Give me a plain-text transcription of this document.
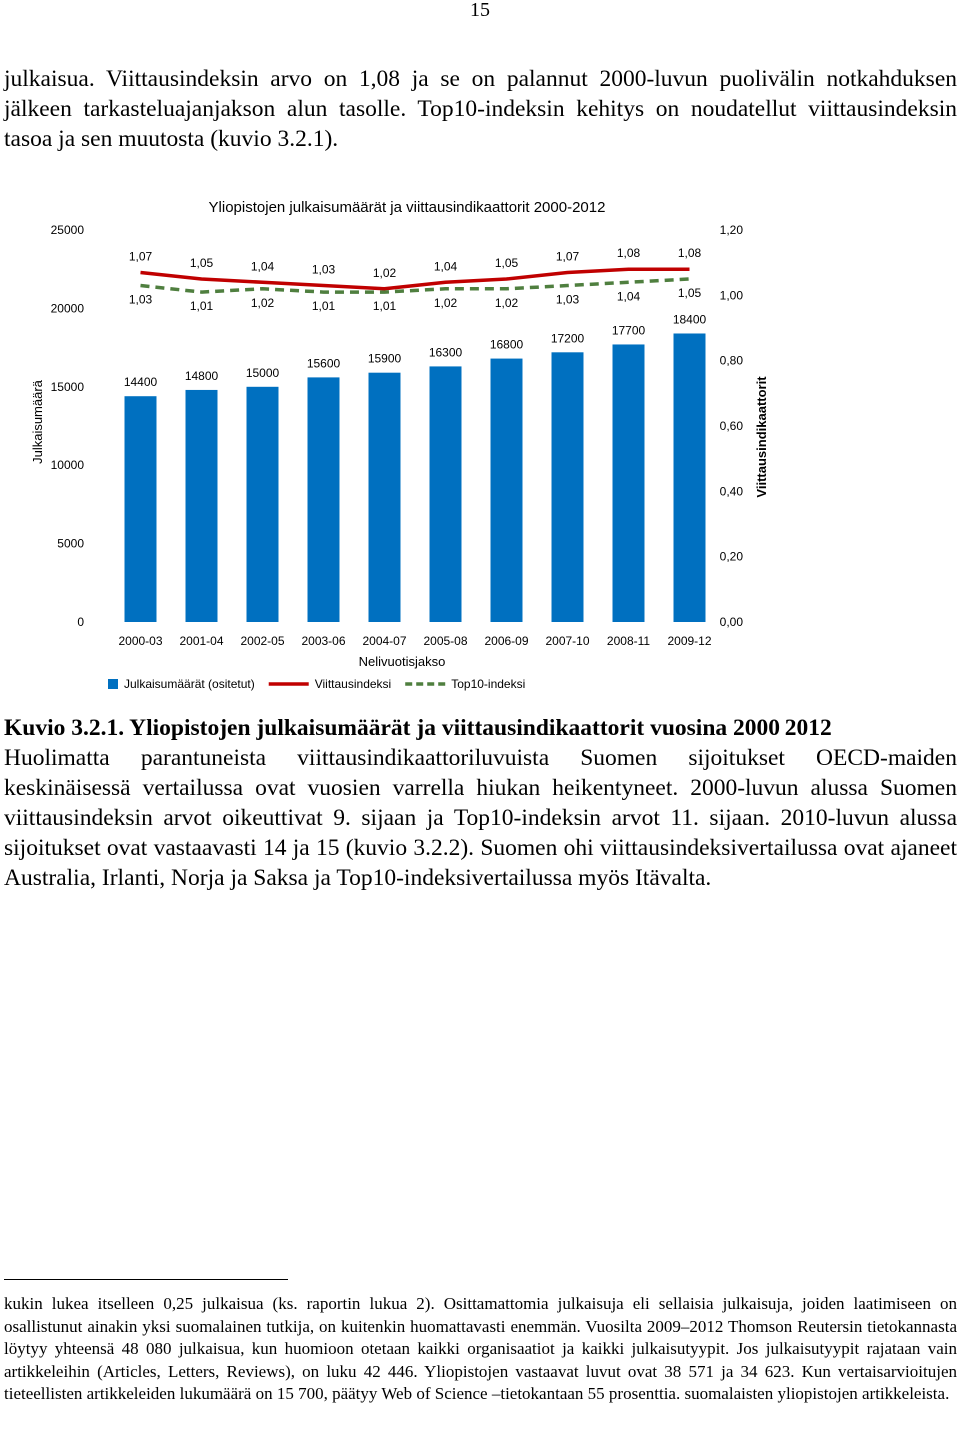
15

julkaisua. Viittausindeksin arvo on 1,08 ja se on palannut 2000-luvun puolivälin notkahduksen jälkeen tarkasteluajanjakson alun tasolle. Top10-indeksin kehitys on noudatellut viittausindeksin tasoa ja sen muutosta (kuvio 3.2.1).

Yliopistojen julkaisumäärät ja viittausindikaattorit 2000-2012
Julkaisumäärä	Viittausindikaattorit
Nelivuotisjakso
0
5000
10000
15000
20000
25000
0,00
0,20
0,40
0,60
0,80
1,00
1,20
14400 14800 15000
15600 15900 16300
16800 17200
17700
18400
2000-03 2001-04 2002-05 2003-06 2004-07 2005-08 2006-09 2007-10 2008-11 2009-12
1,07	1,05	1,04	1,03	1,02	1,04	1,05	1,07	1,08	1,08
1,03	1,01	1,02	1,01	1,01	1,02	1,02	1,03	1,04	1,05
Julkaisumäärät (ositetut)	Viittausindeksi	Top10-indeksi

Kuvio 3.2.1. Yliopistojen julkaisumäärät ja viittausindikaattorit vuosina 2000 2012

Huolimatta parantuneista viittausindikaattoriluvuista Suomen sijoitukset OECD-maiden keskinäisessä vertailussa ovat vuosien varrella hiukan heikentyneet. 2000-luvun alussa Suomen viittausindeksin arvot oikeuttivat 9. sijaan ja Top10-indeksin arvot 11. sijaan. 2010-luvun alussa sijoitukset ovat vastaavasti 14 ja 15 (kuvio 3.2.2). Suomen ohi viittausindeksivertailussa ovat ajaneet Australia, Irlanti, Norja ja Saksa ja Top10-indeksivertailussa myös Itävalta.

kukin lukea itselleen 0,25 julkaisua (ks. raportin lukua 2). Osittamattomia julkaisuja eli sellaisia julkaisuja, joiden laatimiseen on osallistunut ainakin yksi suomalainen tutkija, on kuitenkin huomattavasti enemmän. Vuosilta 2009–2012 Thomson Reutersin tietokannasta löytyy yhteensä 48 080 julkaisua, kun huomioon otetaan kaikki organisaatiot ja kaikki julkaisutyypit. Jos julkaisutyypit rajataan vain artikkeleihin (Articles, Letters, Reviews), on luku 42 446. Yliopistojen vastaavat luvut ovat 38 571 ja 34 623. Kun vertaisarvioitujen tieteellisten artikkeleiden lukumäärä on 15 700, päätyy Web of Science –tietokantaan 55 prosenttia. suomalaisten yliopistojen artikkeleista.
